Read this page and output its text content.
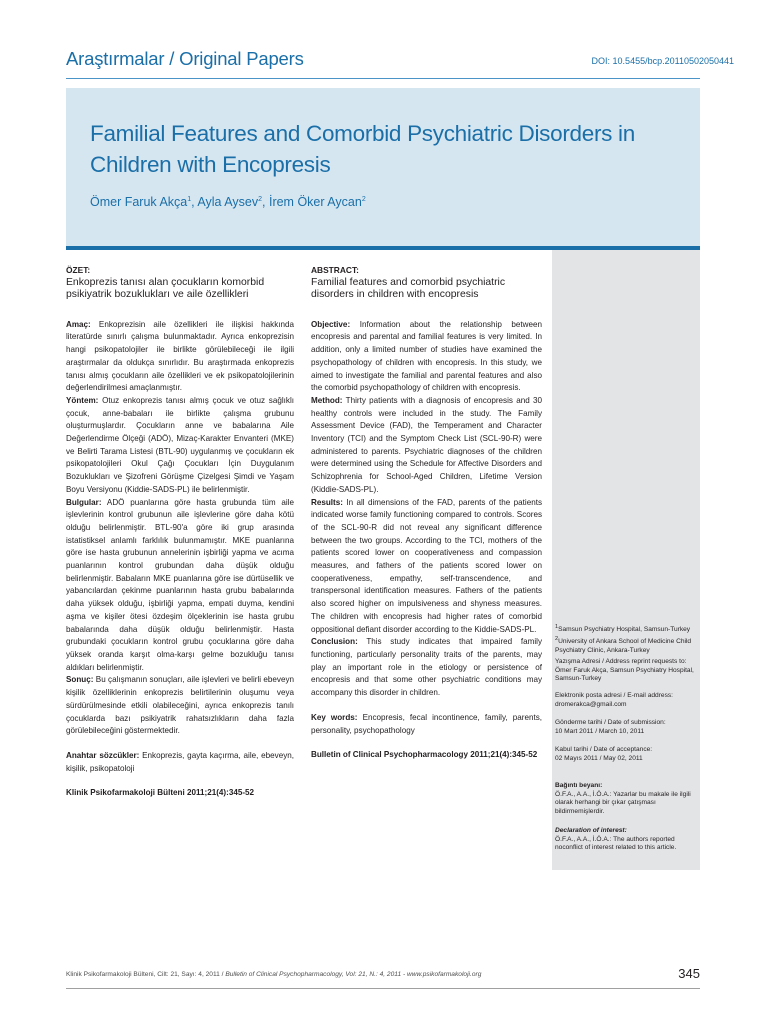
Araştırmalar / Original Papers	DOI: 10.5455/bcp.20110502050441
Familial Features and Comorbid Psychiatric Disorders in Children with Encopresis
Ömer Faruk Akça$^1$, Ayla Aysev$^2$, İrem Öker Aycan$^2$
ÖZET:
Enkoprezis tanısı alan çocukların komorbid psikiyatrik bozuklukları ve aile özellikleri

Amaç: Enkoprezisin aile özellikleri ile ilişkisi hakkında literatürde sınırlı çalışma bulunmaktadır. Ayrıca enkoprezisin hangi psikopatolojiler ile birlikte görülebileceği ile ilgili araştırmalar da oldukça sınırlıdır. Bu araştırmada enkoprezis tanısı almış çocukların aile özellikleri ve ek psikopatolojilerinin değerlendirilmesi amaçlanmıştır.

Yöntem: Otuz enkoprezis tanısı almış çocuk ve otuz sağlıklı çocuk, anne-babaları ile birlikte çalışma grubunu oluşturmuşlardır. Çocukların anne ve babalarına Aile Değerlendirme Ölçeği (ADÖ), Mizaç-Karakter Envanteri (MKE) ve Belirti Tarama Listesi (BTL-90) uygulanmış ve çocukların ek psikopatolojileri Okul Çağı Çocukları İçin Duygulanım Bozuklukları ve Şizofreni Görüşme Çizelgesi Şimdi ve Yaşam Boyu Versiyonu (Kiddie-SADS-PL) ile belirlenmiştir.

Bulgular: ADÖ puanlarına göre hasta grubunda tüm aile işlevlerinin kontrol grubunun aile işlevlerine göre daha kötü olduğu belirlenmiştir. BTL-90'a göre iki grup arasında istatistiksel anlamlı farklılık bulunmamıştır. MKE puanlarına göre ise hasta grubunun annelerinin işbirliği yapma ve acıma puanlarının kontrol grubundan daha düşük olduğu belirlenmiştir. Babaların MKE puanlarına göre ise dürtüsellik ve yabancılardan çekinme puanlarının hasta grubu babalarında daha yüksek olduğu, işbirliği yapma, empati duyma, kendini aşma ve kişiler ötesi özdeşim ölçeklerinin ise hasta grubu babalarında daha düşük olduğu belirlenmiştir. Hasta grubundaki çocukların kontrol grubu çocuklarına göre daha yüksek oranda karşıt olma-karşı gelme bozukluğu tanısı aldıkları belirlenmiştir.

Sonuç: Bu çalışmanın sonuçları, aile işlevleri ve belirli ebeveyn kişilik özelliklerinin enkoprezis belirtilerinin oluşumu veya sürdürülmesinde etkili olabileceğini, ayrıca enkoprezis tanılı çocuklarda bazı psikiyatrik rahatsızlıkların daha fazla görülebileceğini göstermektedir.

Anahtar sözcükler: Enkoprezis, gayta kaçırma, aile, ebeveyn, kişilik, psikopatoloji

Klinik Psikofarmakoloji Bülteni 2011;21(4):345-52

ABSTRACT:
Familial features and comorbid psychiatric disorders in children with encopresis

Objective: Information about the relationship between encopresis and parental and familial features is very limited. In addition, only a limited number of studies have examined the psychopathology of children with encopresis. In this study, we aimed to investigate the familial and parental features and also the comorbid psychopathology of children with encopresis.

Method: Thirty patients with a diagnosis of encopresis and 30 healthy controls were included in the study. The Family Assessment Device (FAD), the Temperament and Character Inventory (TCI) and the Symptom Check List (SCL-90-R) were administered to parents. Psychiatric diagnoses of the children were determined using the Schedule for Affective Disorders and Schizophrenia for School-Aged Children, Lifetime Version (Kiddie-SADS-PL).

Results: In all dimensions of the FAD, parents of the patients indicated worse family functioning compared to controls. Scores of the SCL-90-R did not reveal any significant difference between the two groups. According to the TCI, mothers of the patients scored lower on cooperativeness and compassion measures, and fathers of the patients scored lower on cooperativeness, empathy, self-transcendence, and transpersonal identification measures. Fathers of the patients also scored higher on impulsiveness and shyness measures. The children with encopresis had higher rates of comorbid oppositional defiant disorder according to the Kiddie-SADS-PL.

Conclusion: This study indicates that impaired family functioning, particularly personality traits of the parents, may play an important role in the etiology or persistence of encopresis and that some other psychiatric conditions may accompany this disorder in children.

Key words: Encopresis, fecal incontinence, family, parents, personality, psychopathology

Bulletin of Clinical Psychopharmacology 2011;21(4):345-52

$^1$Samsun Psychiatry Hospital, Samsun-Turkey
$^2$University of Ankara School of Medicine Child Psychiatry Clinic, Ankara-Turkey
Yazışma Adresi / Address reprint requests to: Ömer Faruk Akça, Samsun Psychiatry Hospital, Samsun-Turkey
Elektronik posta adresi / E-mail address:
dromerakca@gmail.com
Gönderme tarihi / Date of submission:
10 Mart 2011 / March 10, 2011
Kabul tarihi / Date of acceptance:
02 Mayıs 2011 / May 02, 2011
Bağıntı beyanı:
Ö.F.A., A.A., İ.Ö.A.: Yazarlar bu makale ile ilgili olarak herhangi bir çıkar çatışması bildirmemişlerdir.
Declaration of interest:
Ö.F.A., A.A., İ.Ö.A.: The authors reported noconflict of interest related to this article.
Klinik Psikofarmakoloji Bülteni, Cilt: 21, Sayı: 4, 2011 / Bulletin of Clinical Psychopharmacology, Vol: 21, N.: 4, 2011 - www.psikofarmakoloji.org	345
